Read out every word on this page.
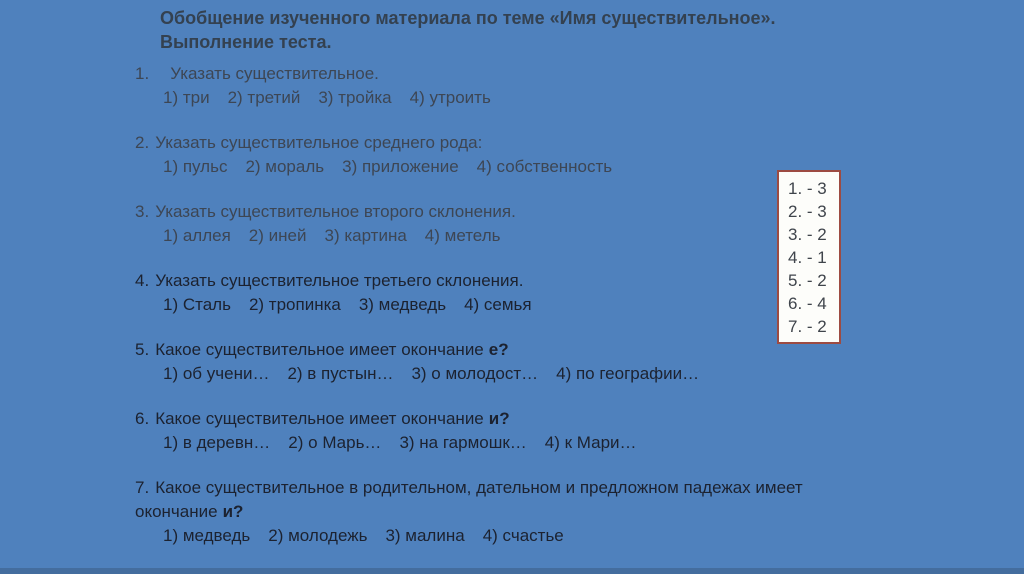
Обобщение изученного материала по теме «Имя существительное».
Выполнение теста.
1. Указать существительное.
1) три 2) третий 3) тройка 4) утроить
2. Указать существительное среднего рода:
1) пульс 2) мораль 3) приложение 4) собственность
3. Указать существительное второго склонения.
1) аллея 2) иней 3) картина 4) метель
4. Указать существительное третьего склонения.
1) Сталь 2) тропинка 3) медведь 4) семья
5. Какое существительное имеет окончание е?
1) об учени… 2) в пустын… 3) о молодост… 4) по географии…
6. Какое существительное имеет окончание и?
1) в деревн… 2) о Марь… 3) на гармошк… 4) к Мари…
7. Какое существительное в родительном, дательном и предложном падежах имеет окончание и?
1) медведь 2) молодежь 3) малина 4) счастье
1. - 3
2. - 3
3. - 2
4. - 1
5. - 2
6. - 4
7. - 2
